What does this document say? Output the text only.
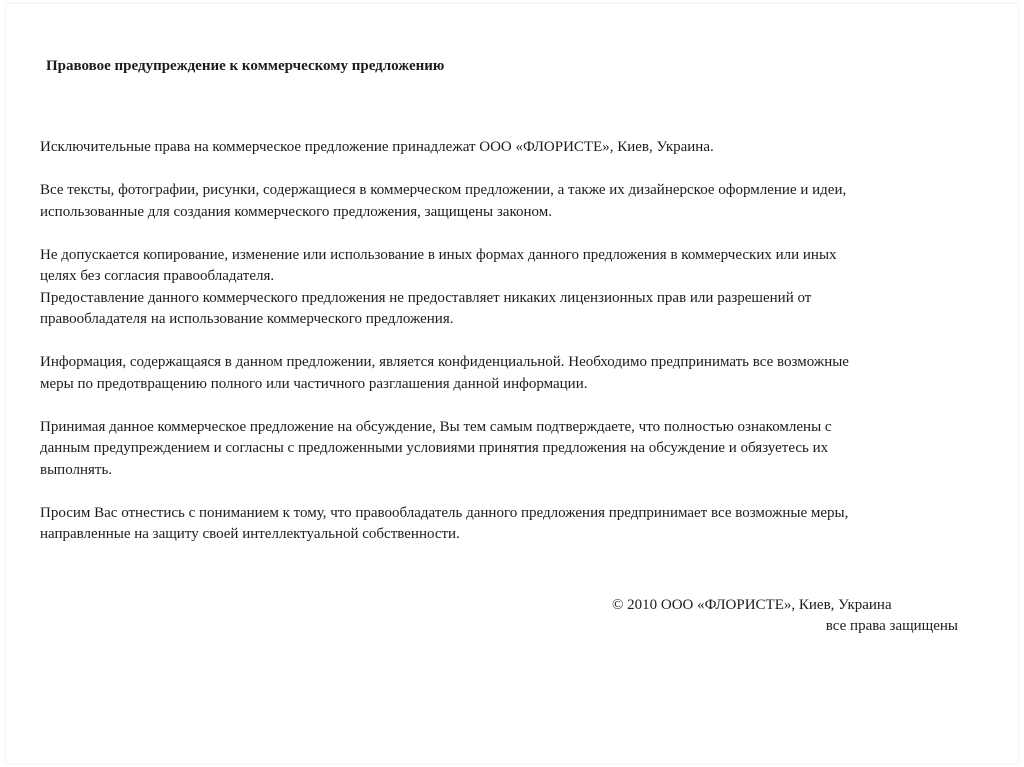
Правовое предупреждение к коммерческому предложению

Исключительные права на коммерческое предложение принадлежат ООО «ФЛОРИСТЕ», Киев, Украина.

Все тексты, фотографии, рисунки, содержащиеся в коммерческом предложении, а также их дизайнерское оформление и идеи,
использованные для создания коммерческого предложения, защищены законом.

Не допускается копирование, изменение или использование в иных формах данного предложения в коммерческих или иных
целях без согласия правообладателя.

Предоставление данного коммерческого предложения не предоставляет никаких лицензионных прав или разрешений от
правообладателя на использование коммерческого предложения.

Информация, содержащаяся в данном предложении, является конфиденциальной. Необходимо предпринимать все возможные
меры по предотвращению полного или частичного разглашения данной информации.

Принимая данное коммерческое предложение на обсуждение, Вы тем самым подтверждаете, что полностью ознакомлены с
данным предупреждением и согласны с предложенными условиями принятия предложения на обсуждение и обязуетесь их
выполнять.

Просим Вас отнестись с пониманием к тому, что правообладатель данного предложения предпринимает все возможные меры,
направленные на защиту своей интеллектуальной собственности.

© 2010 ООО «ФЛОРИСТЕ», Киев, Украина
все права защищены
